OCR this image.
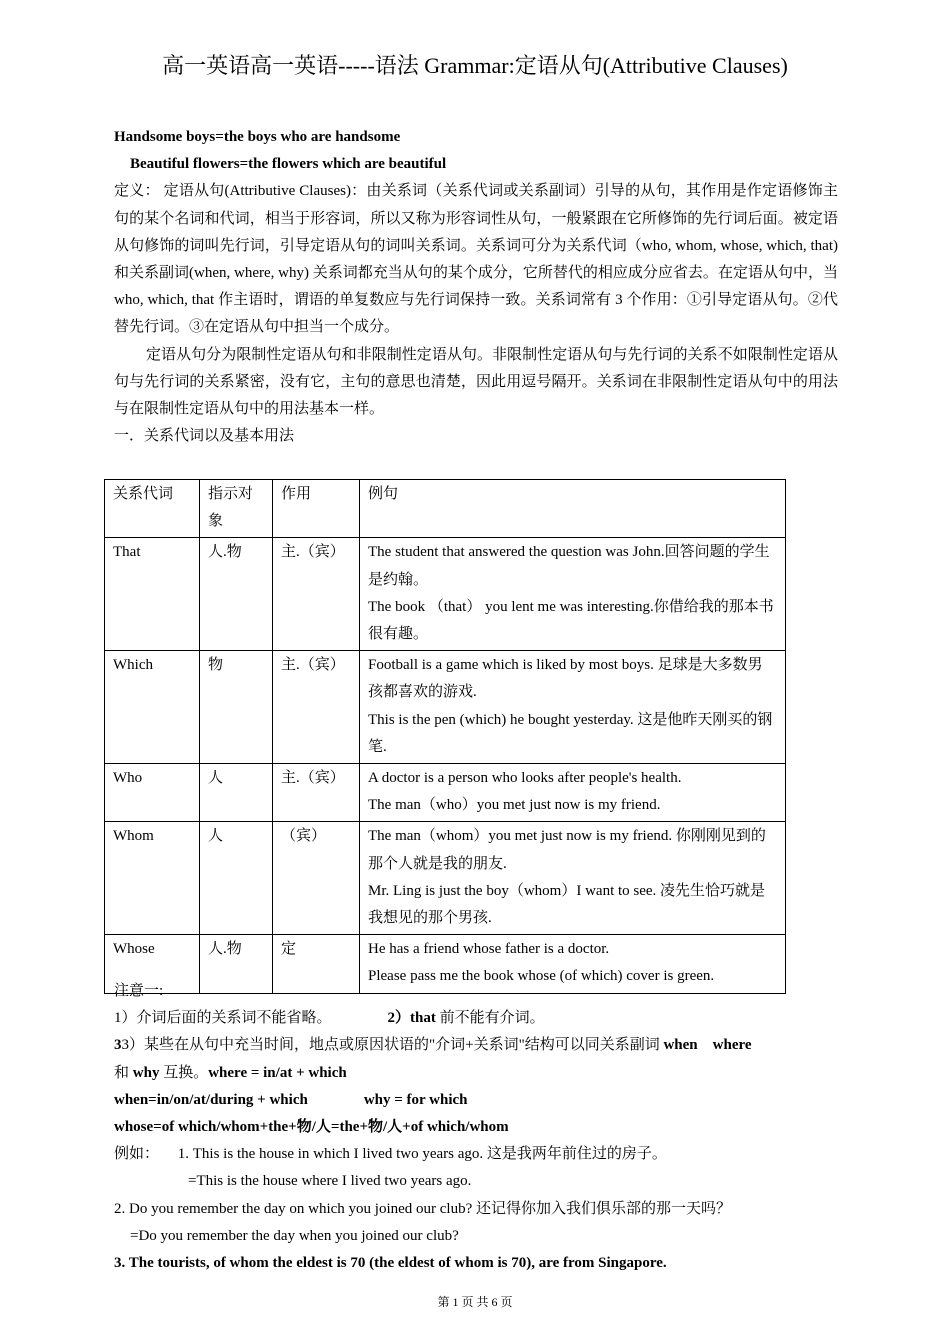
高一英语高一英语-----语法 Grammar:定语从句(Attributive Clauses)

Handsome boys=the boys who are handsome

Beautiful flowers=the flowers which are beautiful

定义： 定语从句(Attributive Clauses)：由关系词（关系代词或关系副词）引导的从句，其作用是作定语修饰主句的某个名词和代词，相当于形容词，所以又称为形容词性从句，一般紧跟在它所修饰的先行词后面。被定语从句修饰的词叫先行词，引导定语从句的词叫关系词。关系词可分为关系代词（who, whom, whose, which, that)和关系副词(when, where, why) 关系词都充当从句的某个成分，它所替代的相应成分应省去。在定语从句中，当 who, which, that 作主语时，谓语的单复数应与先行词保持一致。关系词常有 3 个作用：①引导定语从句。②代替先行词。③在定语从句中担当一个成分。

定语从句分为限制性定语从句和非限制性定语从句。非限制性定语从句与先行词的关系不如限制性定语从句与先行词的关系紧密，没有它，主句的意思也清楚，因此用逗号隔开。关系词在非限制性定语从句中的用法与在限制性定语从句中的用法基本一样。

一．关系代词以及基本用法

关系代词	指示对象	作用	例句
That	人.物	主.（宾）	The student that answered the question was John.回答问题的学生是约翰。
The book （that） you lent me was interesting.你借给我的那本书很有趣。

Which	物	主.（宾）	Football is a game which is liked by most boys. 足球是大多数男孩都喜欢的游戏.
This is the pen (which) he bought yesterday. 这是他昨天刚买的钢笔.

Who	人	主.（宾）	A doctor is a person who looks after people's health.
The man（who）you met just now is my friend.

Whom	人	（宾）	The man（whom）you met just now is my friend. 你刚刚见到的那个人就是我的朋友.
Mr. Ling is just the boy（whom）I want to see. 凌先生恰巧就是我想见的那个男孩.

Whose	人.物	定	He has a friend whose father is a doctor.
Please pass me the book whose (of which) cover is green.

注意一:

1）介词后面的关系词不能省略。	2）that 前不能有介词。

33）某些在从句中充当时间，地点或原因状语的"介词+关系词"结构可以同关系副词 when where
和 why 互换。where = in/at + which

when=in/on/at/during + which	why = for which

whose=of which/whom+the+物/人=the+物/人+of which/whom

例如： 1. This is the house in which I lived two years ago. 这是我两年前住过的房子。

=This is the house where I lived two years ago.

2. Do you remember the day on which you joined our club? 还记得你加入我们俱乐部的那一天吗？

=Do you remember the day when you joined our club?

3. The tourists, of whom the eldest is 70 (the eldest of whom is 70), are from Singapore.

第 1 页 共 6 页
